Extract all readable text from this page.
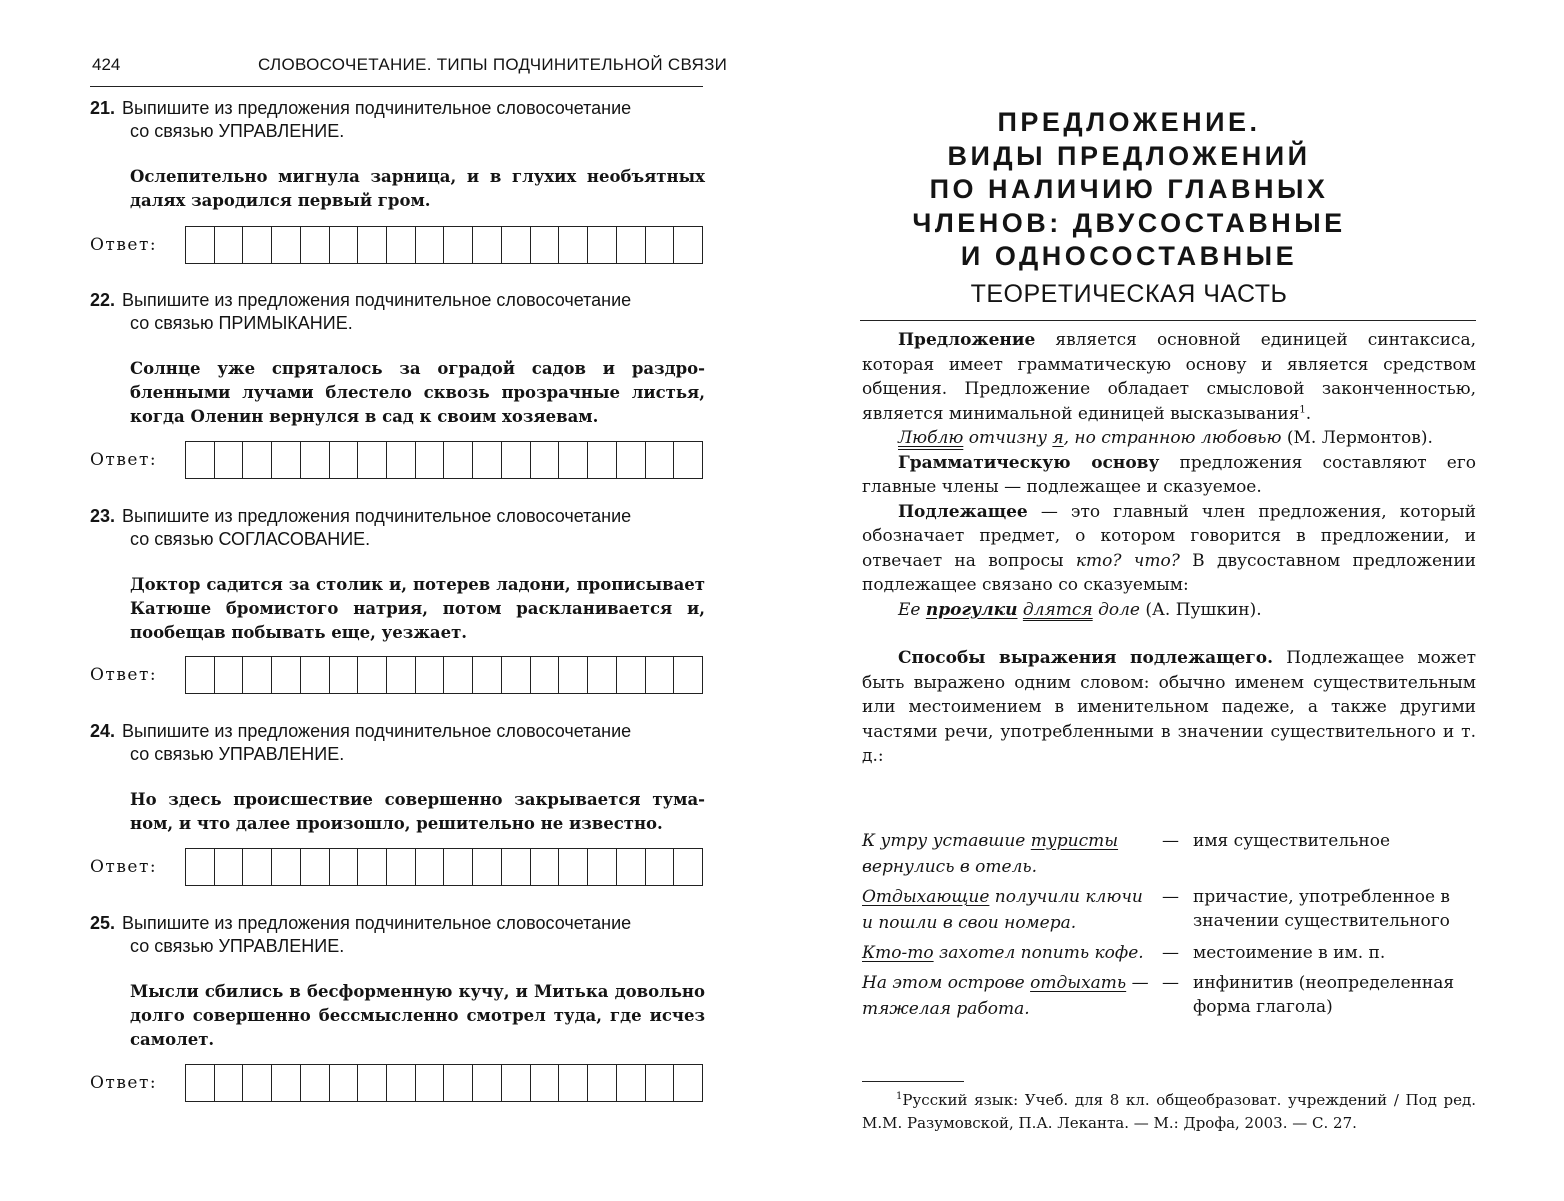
424	СЛОВОСОЧЕТАНИЕ. ТИПЫ ПОДЧИНИТЕЛЬНОЙ СВЯЗИ
21. Выпишите из предложения подчинительное словосочетание
со связью УПРАВЛЕНИЕ.
Ослепительно мигнула зарница, и в глухих необъятных далях зародился первый гром.
Ответ:
22. Выпишите из предложения подчинительное словосочетание
со связью ПРИМЫКАНИЕ.
Солнце уже спряталось за оградой садов и раздробленными лучами блестело сквозь прозрачные листья, когда Оленин вернулся в сад к своим хозяевам.
Ответ:
23. Выпишите из предложения подчинительное словосочетание
со связью СОГЛАСОВАНИЕ.
Доктор садится за столик и, потерев ладони, прописывает Катюше бромистого натрия, потом раскланивается и, пообещав побывать еще, уезжает.
Ответ:
24. Выпишите из предложения подчинительное словосочетание
со связью УПРАВЛЕНИЕ.
Но здесь происшествие совершенно закрывается туманом, и что далее произошло, решительно не известно.
Ответ:
25. Выпишите из предложения подчинительное словосочетание
со связью УПРАВЛЕНИЕ.
Мысли сбились в бесформенную кучу, и Митька довольно долго совершенно бессмысленно смотрел туда, где исчез самолет.
Ответ:
ПРЕДЛОЖЕНИЕ.
ВИДЫ ПРЕДЛОЖЕНИЙ
ПО НАЛИЧИЮ ГЛАВНЫХ
ЧЛЕНОВ: ДВУСОСТАВНЫЕ
И ОДНОСОСТАВНЫЕ
ТЕОРЕТИЧЕСКАЯ ЧАСТЬ
Предложение является основной единицей синтаксиса, которая имеет грамматическую основу и является средством общения. Предложение обладает смысловой законченностью, является минимальной единицей высказывания$^1$.
Люблю отчизну я, но странною любовью (М. Лермонтов).
Грамматическую основу предложения составляют его главные члены — подлежащее и сказуемое.
Подлежащее — это главный член предложения, который обозначает предмет, о котором говорится в предложении, и отвечает на вопросы кто? что? В двусоставном предложении подлежащее связано со сказуемым:
Ее прогулки длятся доле (А. Пушкин).
Способы выражения подлежащего. Подлежащее может быть выражено одним словом: обычно именем существительным или местоимением в именительном падеже, а также другими частями речи, употребленными в значении существительного и т. д.:
К утру уставшие туристы вернулись в отель.
— имя существительное
Отдыхающие получили ключи и пошли в свои номера.
— причастие, употребленное в значении существительного
Кто-то захотел попить кофе.	— местоимение в им. п.
На этом острове отдыхать — тяжелая работа.
— инфинитив (неопределенная форма глагола)
$^1$Русский язык: Учеб. для 8 кл. общеобразоват. учреждений / Под ред. М.М. Разумовской, П.А. Леканта. — М.: Дрофа, 2003. — С. 27.
